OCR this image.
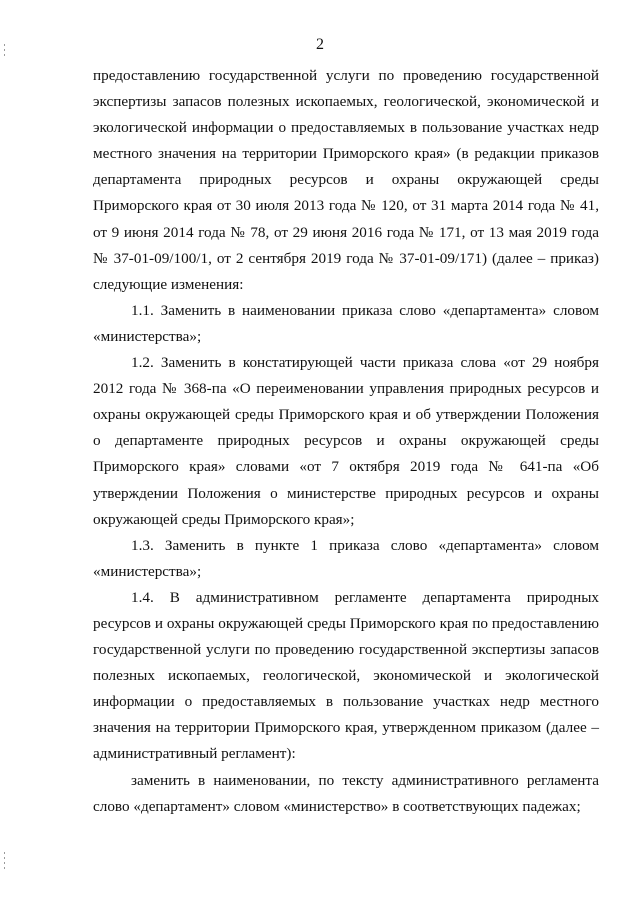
2

предоставлению государственной услуги по проведению государственной экспертизы запасов полезных ископаемых, геологической, экономической и экологической информации о предоставляемых в пользование участках недр местного значения на территории Приморского края» (в редакции приказов департамента природных ресурсов и охраны окружающей среды Приморского края от 30 июля 2013 года № 120, от 31 марта 2014 года № 41, от 9 июня 2014 года № 78, от 29 июня 2016 года № 171, от 13 мая 2019 года № 37-01-09/100/1, от 2 сентября 2019 года № 37-01-09/171) (далее – приказ) следующие изменения:

1.1. Заменить в наименовании приказа слово «департамента» словом «министерства»;

1.2. Заменить в констатирующей части приказа слова «от 29 ноября 2012 года № 368-па «О переименовании управления природных ресурсов и охраны окружающей среды Приморского края и об утверждении Положения о департаменте природных ресурсов и охраны окружающей среды Приморского края» словами «от 7 октября 2019 года № 641-па «Об утверждении Положения о министерстве природных ресурсов и охраны окружающей среды Приморского края»;

1.3. Заменить в пункте 1 приказа слово «департамента» словом «министерства»;

1.4. В административном регламенте департамента природных ресурсов и охраны окружающей среды Приморского края по предоставлению государственной услуги по проведению государственной экспертизы запасов полезных ископаемых, геологической, экономической и экологической информации о предоставляемых в пользование участках недр местного значения на территории Приморского края, утвержденном приказом (далее – административный регламент):

заменить в наименовании, по тексту административного регламента слово «департамент» словом «министерство» в соответствующих падежах;
